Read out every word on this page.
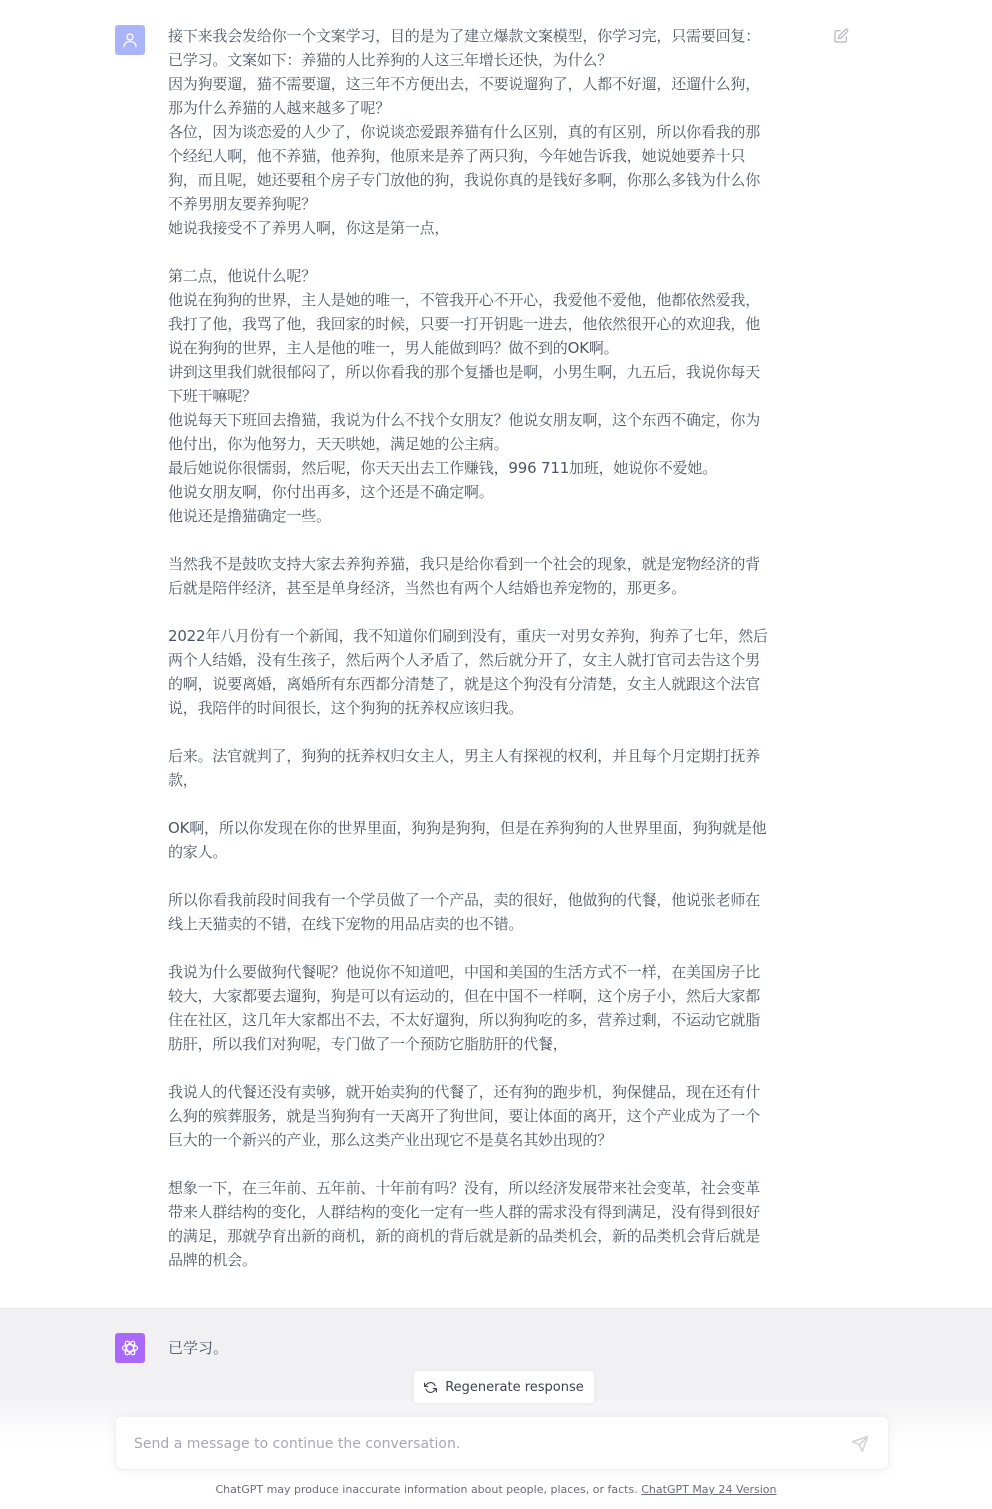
接下来我会发给你一个文案学习，目的是为了建立爆款文案模型，你学习完，只需要回复：
已学习。文案如下：养猫的人比养狗的人这三年增长还快，为什么？
因为狗要遛，猫不需要遛，这三年不方便出去，不要说遛狗了，人都不好遛，还遛什么狗，
那为什么养猫的人越来越多了呢？
各位，因为谈恋爱的人少了，你说谈恋爱跟养猫有什么区别，真的有区别，所以你看我的那
个经纪人啊，他不养猫，他养狗，他原来是养了两只狗，今年她告诉我，她说她要养十只
狗，而且呢，她还要租个房子专门放他的狗，我说你真的是钱好多啊，你那么多钱为什么你
不养男朋友要养狗呢？
她说我接受不了养男人啊，你这是第一点，

第二点，他说什么呢？
他说在狗狗的世界，主人是她的唯一，不管我开心不开心，我爱他不爱他，他都依然爱我，
我打了他，我骂了他，我回家的时候，只要一打开钥匙一进去，他依然很开心的欢迎我，他
说在狗狗的世界，主人是他的唯一，男人能做到吗？做不到的OK啊。
讲到这里我们就很郁闷了，所以你看我的那个复播也是啊，小男生啊，九五后，我说你每天
下班干嘛呢？
他说每天下班回去撸猫，我说为什么不找个女朋友？他说女朋友啊，这个东西不确定，你为
他付出，你为他努力，天天哄她，满足她的公主病。
最后她说你很懦弱，然后呢，你天天出去工作赚钱，996 711加班，她说你不爱她。
他说女朋友啊，你付出再多，这个还是不确定啊。
他说还是撸猫确定一些。

当然我不是鼓吹支持大家去养狗养猫，我只是给你看到一个社会的现象，就是宠物经济的背
后就是陪伴经济，甚至是单身经济，当然也有两个人结婚也养宠物的，那更多。

2022年八月份有一个新闻，我不知道你们刷到没有，重庆一对男女养狗，狗养了七年，然后
两个人结婚，没有生孩子，然后两个人矛盾了，然后就分开了，女主人就打官司去告这个男
的啊，说要离婚，离婚所有东西都分清楚了，就是这个狗没有分清楚，女主人就跟这个法官
说，我陪伴的时间很长，这个狗狗的抚养权应该归我。

后来。法官就判了，狗狗的抚养权归女主人，男主人有探视的权利，并且每个月定期打抚养
款，

OK啊，所以你发现在你的世界里面，狗狗是狗狗，但是在养狗狗的人世界里面，狗狗就是他
的家人。

所以你看我前段时间我有一个学员做了一个产品，卖的很好，他做狗的代餐，他说张老师在
线上天猫卖的不错，在线下宠物的用品店卖的也不错。

我说为什么要做狗代餐呢？他说你不知道吧，中国和美国的生活方式不一样，在美国房子比
较大，大家都要去遛狗，狗是可以有运动的，但在中国不一样啊，这个房子小，然后大家都
住在社区，这几年大家都出不去，不太好遛狗，所以狗狗吃的多，营养过剩，不运动它就脂
肪肝，所以我们对狗呢，专门做了一个预防它脂肪肝的代餐，

我说人的代餐还没有卖够，就开始卖狗的代餐了，还有狗的跑步机，狗保健品，现在还有什
么狗的殡葬服务，就是当狗狗有一天离开了狗世间，要让体面的离开，这个产业成为了一个
巨大的一个新兴的产业，那么这类产业出现它不是莫名其妙出现的？

想象一下，在三年前、五年前、十年前有吗？没有，所以经济发展带来社会变革，社会变革
带来人群结构的变化，人群结构的变化一定有一些人群的需求没有得到满足，没有得到很好
的满足，那就孕育出新的商机，新的商机的背后就是新的品类机会，新的品类机会背后就是
品牌的机会。

已学习。
Regenerate response
Send a message to continue the conversation.
ChatGPT may produce inaccurate information about people, places, or facts. ChatGPT May 24 Version
